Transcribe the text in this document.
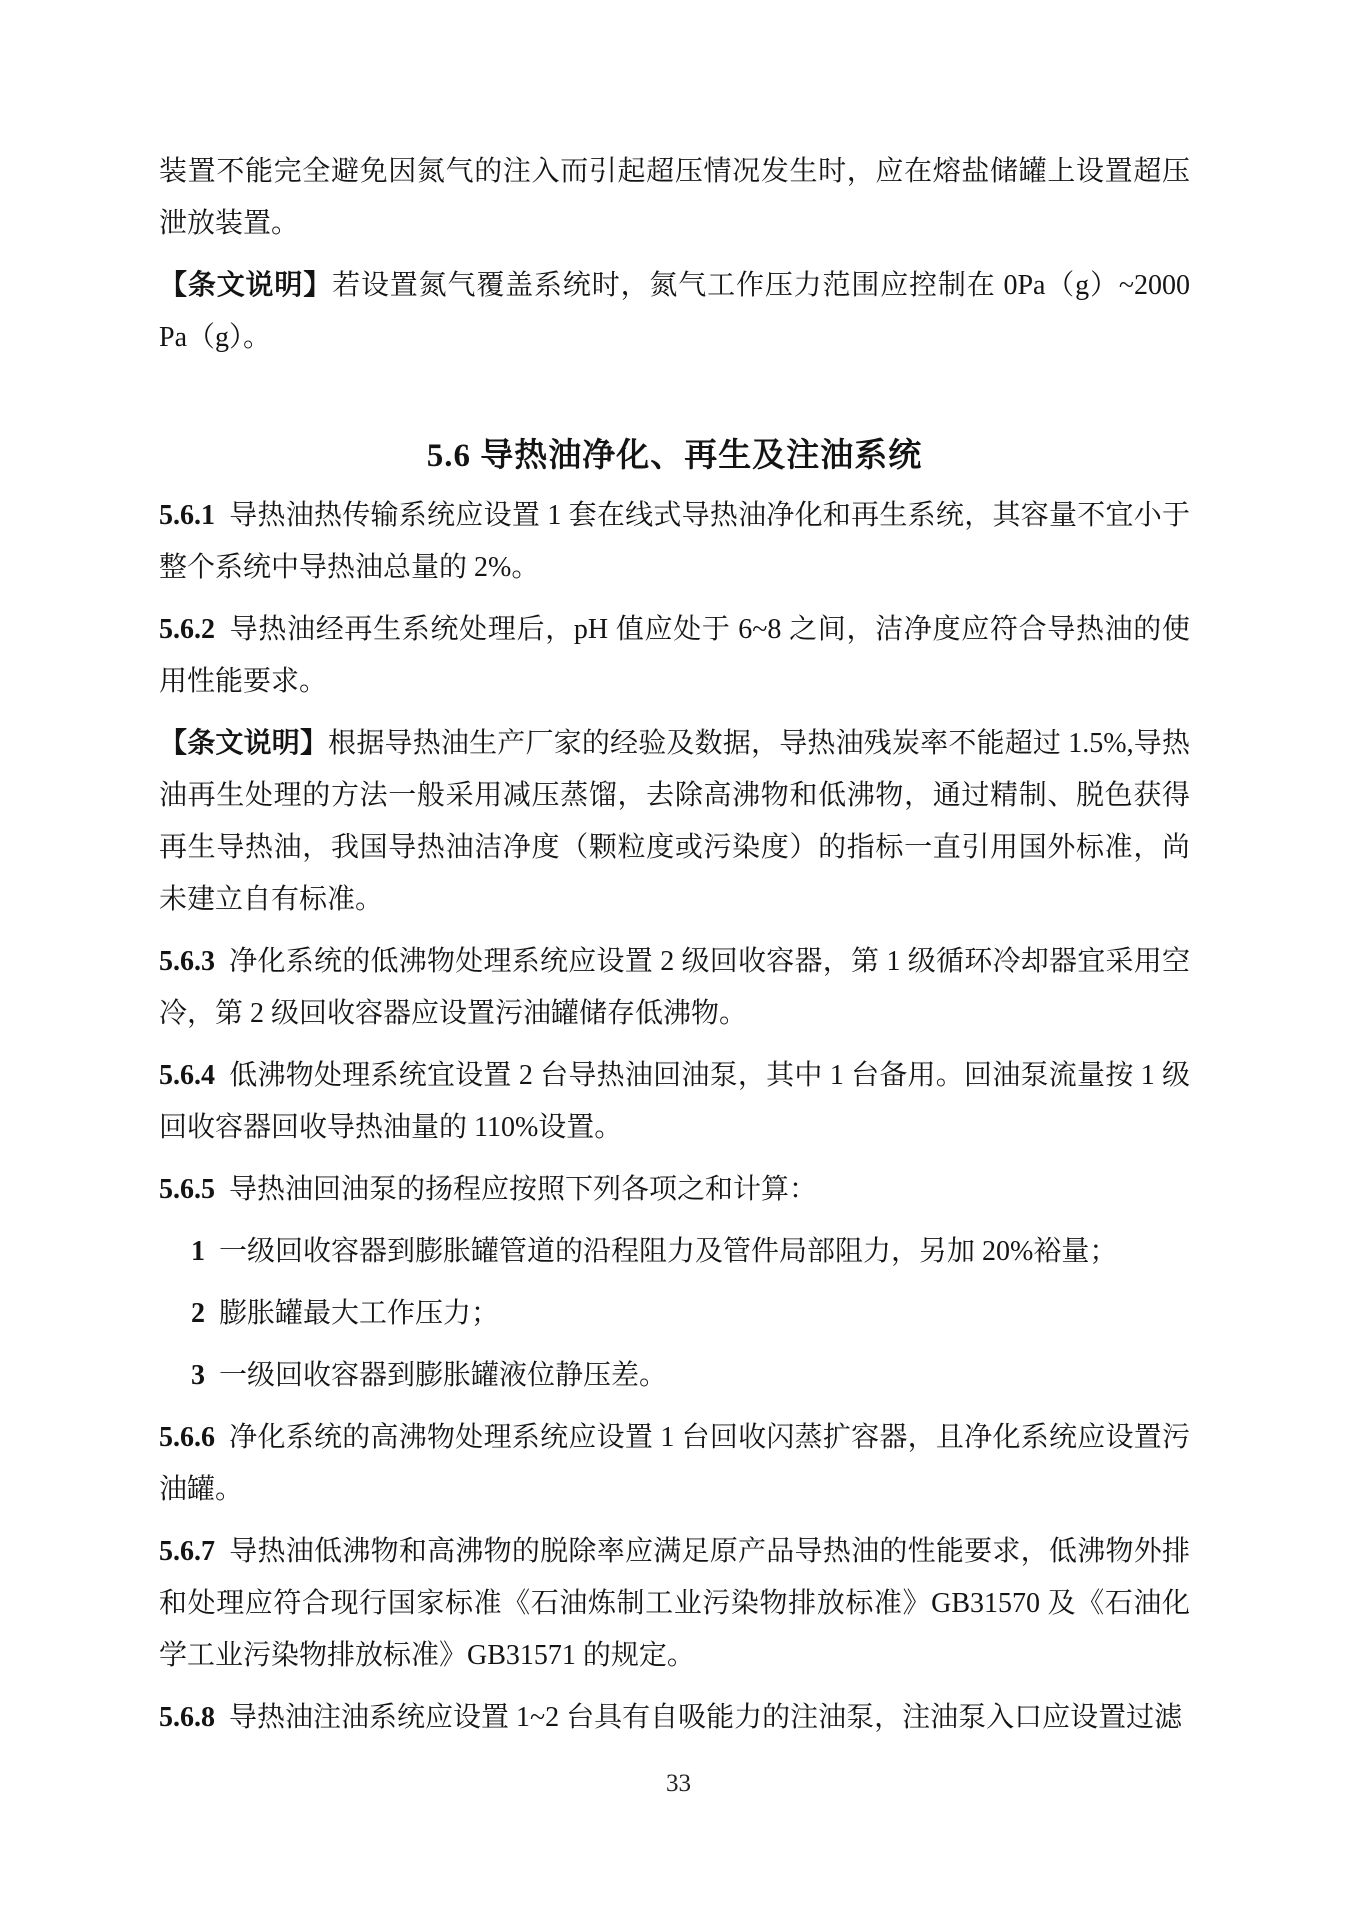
装置不能完全避免因氮气的注入而引起超压情况发生时，应在熔盐储罐上设置超压泄放装置。

【条文说明】若设置氮气覆盖系统时，氮气工作压力范围应控制在 0Pa（g）~2000 Pa（g）。

5.6 导热油净化、再生及注油系统

5.6.1 导热油热传输系统应设置 1 套在线式导热油净化和再生系统，其容量不宜小于整个系统中导热油总量的 2%。

5.6.2 导热油经再生系统处理后，pH 值应处于 6~8 之间，洁净度应符合导热油的使用性能要求。

【条文说明】根据导热油生产厂家的经验及数据，导热油残炭率不能超过 1.5%,导热油再生处理的方法一般采用减压蒸馏，去除高沸物和低沸物，通过精制、脱色获得再生导热油，我国导热油洁净度（颗粒度或污染度）的指标一直引用国外标准，尚未建立自有标准。

5.6.3 净化系统的低沸物处理系统应设置 2 级回收容器，第 1 级循环冷却器宜采用空冷，第 2 级回收容器应设置污油罐储存低沸物。

5.6.4 低沸物处理系统宜设置 2 台导热油回油泵，其中 1 台备用。回油泵流量按 1 级回收容器回收导热油量的 110%设置。

5.6.5 导热油回油泵的扬程应按照下列各项之和计算：

1 一级回收容器到膨胀罐管道的沿程阻力及管件局部阻力，另加 20%裕量；

2 膨胀罐最大工作压力；

3 一级回收容器到膨胀罐液位静压差。

5.6.6 净化系统的高沸物处理系统应设置 1 台回收闪蒸扩容器，且净化系统应设置污油罐。

5.6.7 导热油低沸物和高沸物的脱除率应满足原产品导热油的性能要求，低沸物外排和处理应符合现行国家标准《石油炼制工业污染物排放标准》GB31570 及《石油化学工业污染物排放标准》GB31571 的规定。

5.6.8 导热油注油系统应设置 1~2 台具有自吸能力的注油泵，注油泵入口应设置过滤

33
